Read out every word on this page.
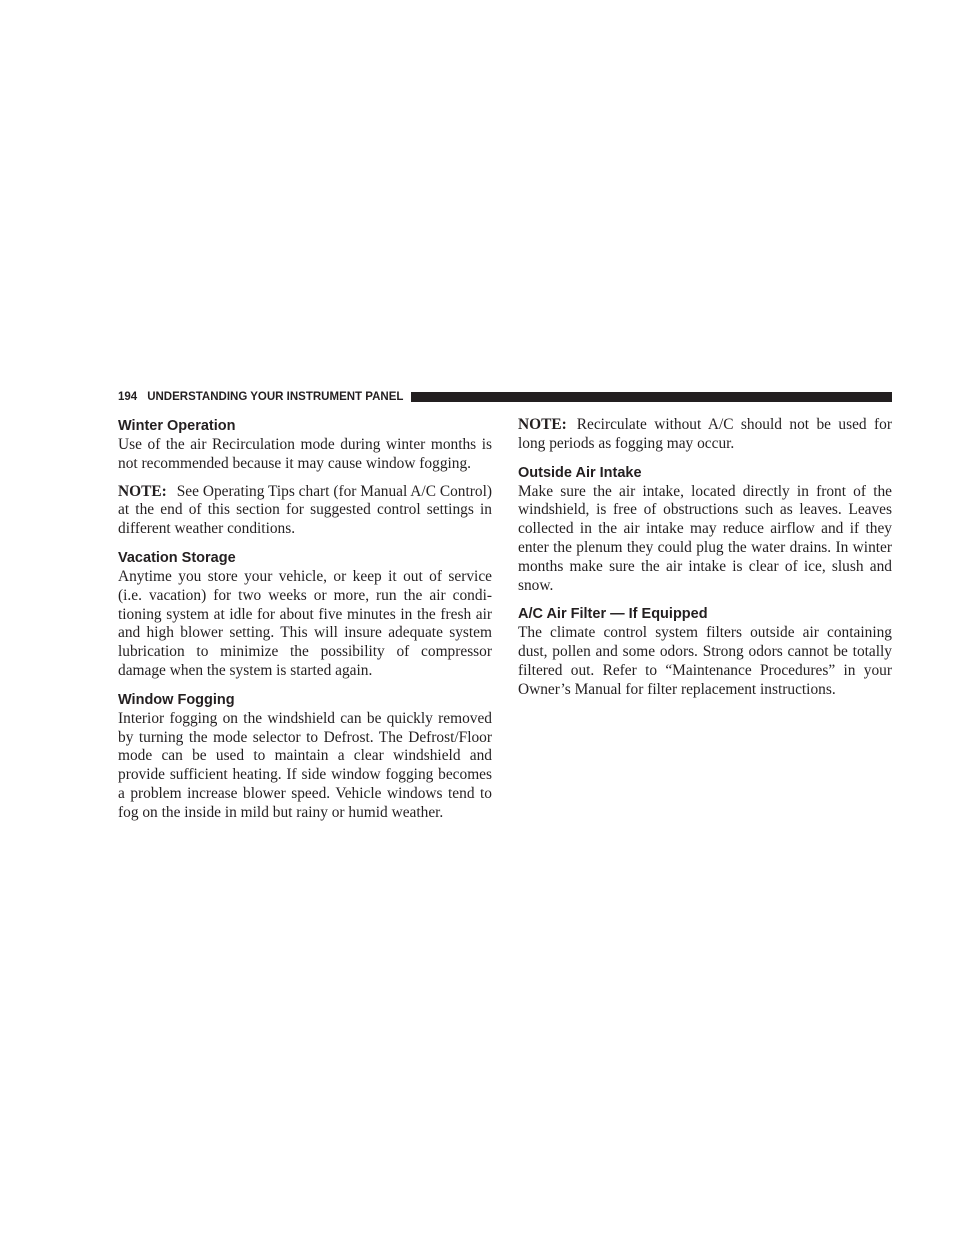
194 UNDERSTANDING YOUR INSTRUMENT PANEL
Winter Operation

Use of the air Recirculation mode during winter months is not recommended because it may cause window fogging.

NOTE: See Operating Tips chart (for Manual A/C Control) at the end of this section for suggested control settings in different weather conditions.

Vacation Storage

Anytime you store your vehicle, or keep it out of service (i.e. vacation) for two weeks or more, run the air conditioning system at idle for about five minutes in the fresh air and high blower setting. This will insure adequate system lubrication to minimize the possibility of compressor damage when the system is started again.

Window Fogging

Interior fogging on the windshield can be quickly removed by turning the mode selector to Defrost. The Defrost/Floor mode can be used to maintain a clear windshield and provide sufficient heating. If side window fogging becomes a problem increase blower speed. Vehicle windows tend to fog on the inside in mild but rainy or humid weather.

NOTE: Recirculate without A/C should not be used for long periods as fogging may occur.

Outside Air Intake

Make sure the air intake, located directly in front of the windshield, is free of obstructions such as leaves. Leaves collected in the air intake may reduce airflow and if they enter the plenum they could plug the water drains. In winter months make sure the air intake is clear of ice, slush and snow.

A/C Air Filter — If Equipped

The climate control system filters outside air containing dust, pollen and some odors. Strong odors cannot be totally filtered out. Refer to “Maintenance Procedures” in your Owner’s Manual for filter replacement instructions.
